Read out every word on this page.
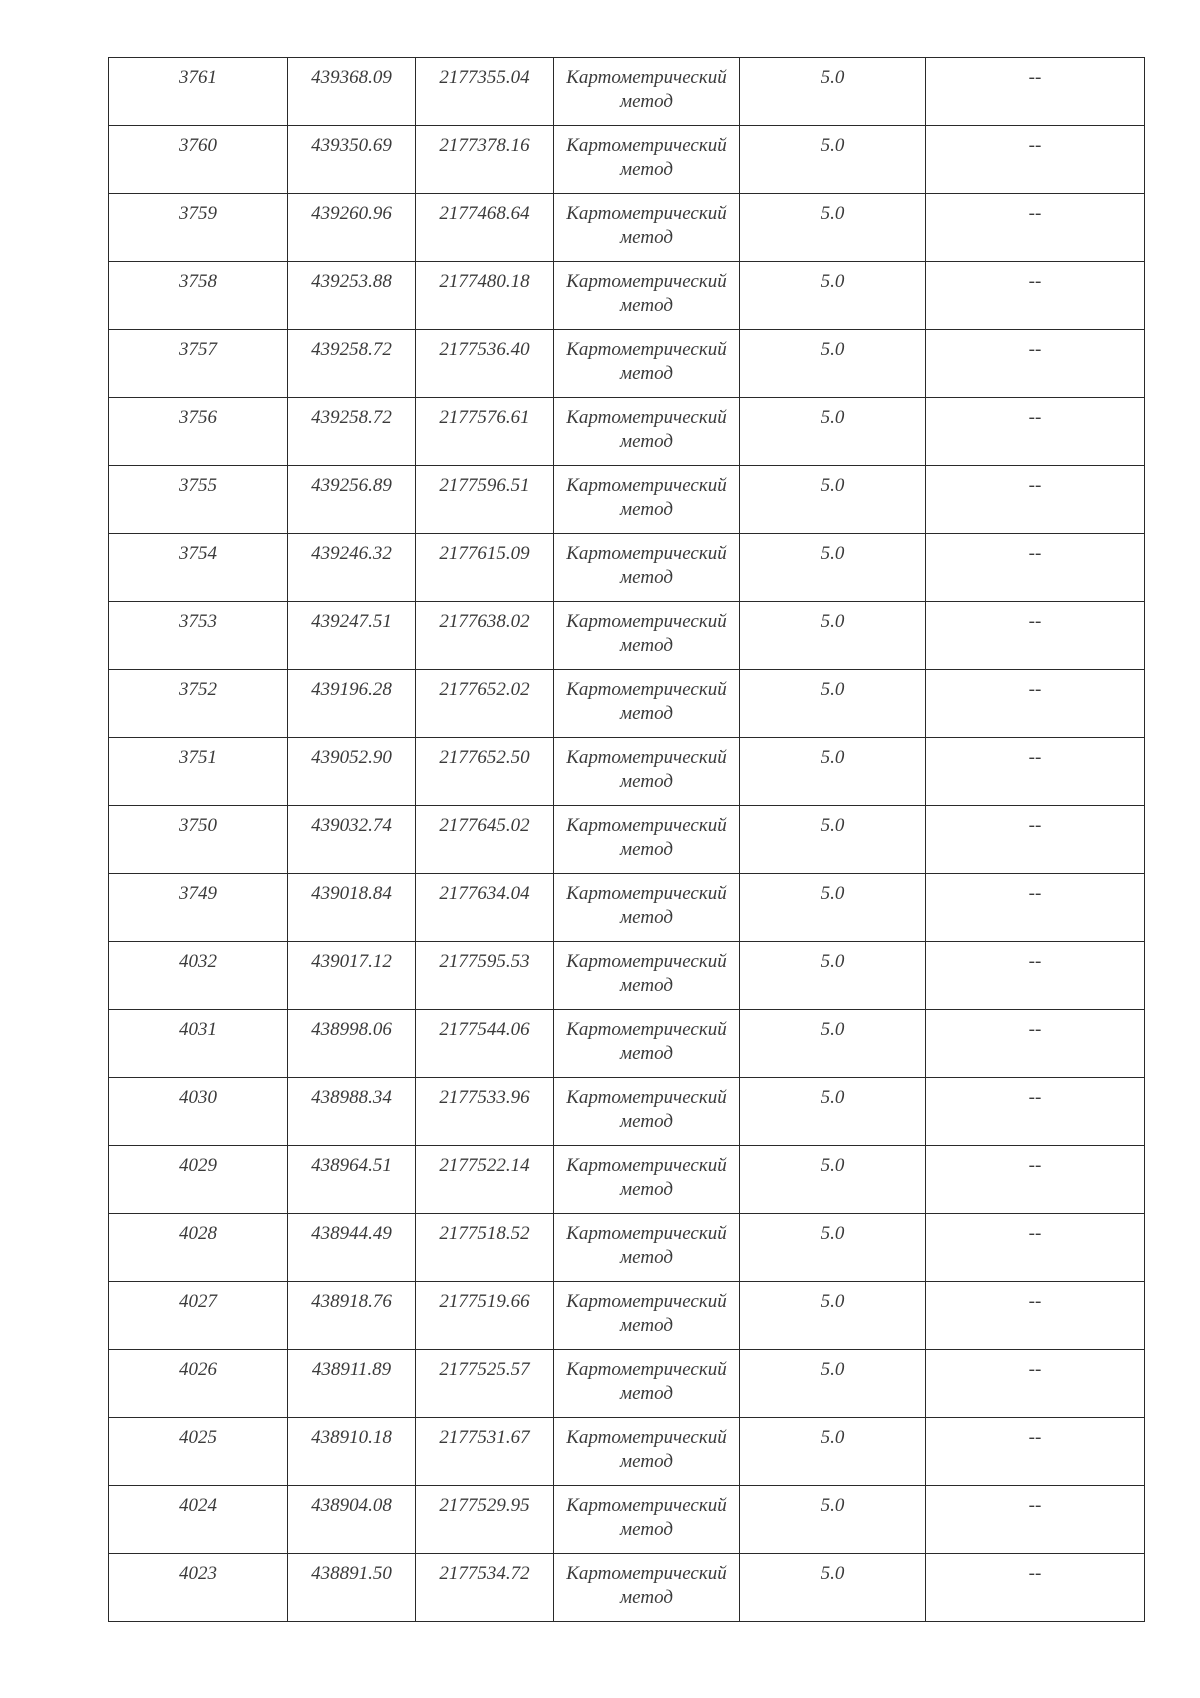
3761	439368.09	2177355.04	Картометрический
метод	5.0	--

3760	439350.69	2177378.16	Картометрический
метод	5.0	--

3759	439260.96	2177468.64	Картометрический
метод	5.0	--

3758	439253.88	2177480.18	Картометрический
метод	5.0	--

3757	439258.72	2177536.40	Картометрический
метод	5.0	--

3756	439258.72	2177576.61	Картометрический
метод	5.0	--

3755	439256.89	2177596.51	Картометрический
метод	5.0	--

3754	439246.32	2177615.09	Картометрический
метод	5.0	--

3753	439247.51	2177638.02	Картометрический
метод	5.0	--

3752	439196.28	2177652.02	Картометрический
метод	5.0	--

3751	439052.90	2177652.50	Картометрический
метод	5.0	--

3750	439032.74	2177645.02	Картометрический
метод	5.0	--

3749	439018.84	2177634.04	Картометрический
метод	5.0	--

4032	439017.12	2177595.53	Картометрический
метод	5.0	--

4031	438998.06	2177544.06	Картометрический
метод	5.0	--

4030	438988.34	2177533.96	Картометрический
метод	5.0	--

4029	438964.51	2177522.14	Картометрический
метод	5.0	--

4028	438944.49	2177518.52	Картометрический
метод	5.0	--

4027	438918.76	2177519.66	Картометрический
метод	5.0	--

4026	438911.89	2177525.57	Картометрический
метод	5.0	--

4025	438910.18	2177531.67	Картометрический
метод	5.0	--

4024	438904.08	2177529.95	Картометрический
метод	5.0	--

4023	438891.50	2177534.72	Картометрический
метод	5.0	--
